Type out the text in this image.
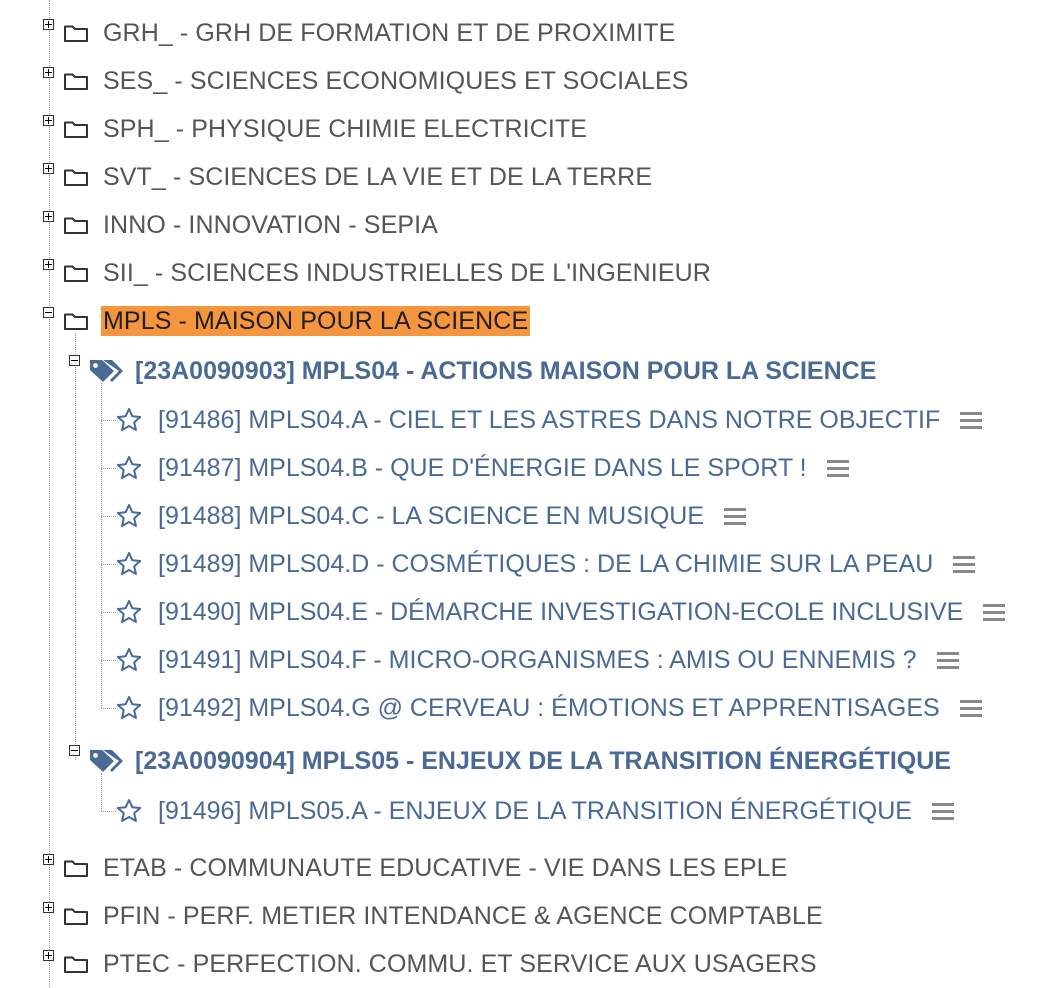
GRH_ - GRH DE FORMATION ET DE PROXIMITE
SES_ - SCIENCES ECONOMIQUES ET SOCIALES
SPH_ - PHYSIQUE CHIMIE ELECTRICITE
SVT_ - SCIENCES DE LA VIE ET DE LA TERRE
INNO - INNOVATION - SEPIA
SII_ - SCIENCES INDUSTRIELLES DE L'INGENIEUR
MPLS - MAISON POUR LA SCIENCE
[23A0090903] MPLS04 - ACTIONS MAISON POUR LA SCIENCE
[91486] MPLS04.A - CIEL ET LES ASTRES DANS NOTRE OBJECTIF
[91487] MPLS04.B - QUE D'ÉNERGIE DANS LE SPORT !
[91488] MPLS04.C - LA SCIENCE EN MUSIQUE
[91489] MPLS04.D - COSMÉTIQUES : DE LA CHIMIE SUR LA PEAU
[91490] MPLS04.E - DÉMARCHE INVESTIGATION-ECOLE INCLUSIVE
[91491] MPLS04.F - MICRO-ORGANISMES : AMIS OU ENNEMIS ?
[91492] MPLS04.G @ CERVEAU : ÉMOTIONS ET APPRENTISAGES
[23A0090904] MPLS05 - ENJEUX DE LA TRANSITION ÉNERGÉTIQUE
[91496] MPLS05.A - ENJEUX DE LA TRANSITION ÉNERGÉTIQUE
ETAB - COMMUNAUTE EDUCATIVE - VIE DANS LES EPLE
PFIN - PERF. METIER INTENDANCE & AGENCE COMPTABLE
PTEC - PERFECTION. COMMU. ET SERVICE AUX USAGERS
